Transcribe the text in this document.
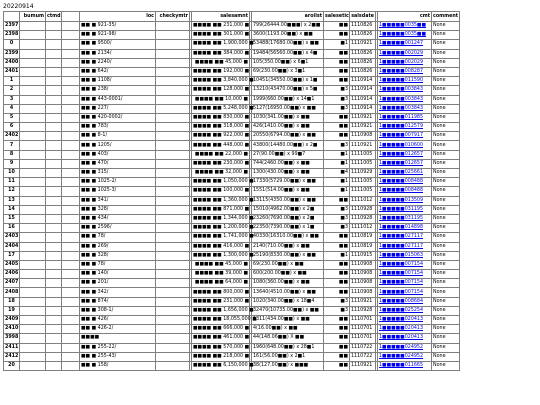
20220914
	bumum	ctmd		loc	checkymtr		salesamnt		aroilst	salesetic	salsdate		cmt	comment
2397				■■ ■ 921-35/			■■■■ ■■ 231,000 ■		799(26444.00■■■) x 2■■	■■	1110826		1■■■■■0035■■	None
2398				■■ ■ 921-98/			■■■■ ■■ 301,000 ■		3600(1193.00■■) x ■■	■■	1110826		1■■■■■0035■■	None
0				■■ ■ 9500/			■■■■ ■■ 1,900,000 ■		53488(17680.00■■) x ■■	■1	1110921		1■■■■■001247	None
2399				■■ ■ 2134/			■■■■ ■■ 384,000 ■		19484(56560.00■■) x 4■	■■	1110826		1■■■■■002029	None
2400				■■ ■ 2240/			■■■■ ■■ 45,000 ■		105(350.00■■) x 6■1	■■	1110826		1■■■■■002029	None
2401				■■ ■ 642/			■■■■ ■■ 192,000 ■		69(230.00■■) x 3■1	■■	1110826		1■■■■■008287	None
1				■■ ■ 1108/			■■■■ ■■ 3,840,000 ■		10451(34550.00■■) x 1■	■■	1110914		1■■■■■011590	None
2				■■ ■ 238/			■■■■ ■■ 128,000 ■		13210(43470.00■■) x 5■	■3	1110914		1■■■■■003843	None
3				■■ ■ 443-0001/			■■■■ ■■ 10,000 ■		1999(660.00■■) x 14■1	■3	1110914		1■■■■■003843	None
4				■■ ■ 227/			■■■■ ■■ 5,248,000 ■		5127(16950.00■■) x ■■	■3	1110914		1■■■■■003843	None
5				■■ ■ 420-0002/			■■■■ ■■ 830,000 ■		1030(341.00■■) x ■■	■■	1110921		1■■■■■011985	None
6				■■ ■ 783/			■■■■ ■■ 318,000 ■		426(1410.00■■) x ■■	■■	1110921		1■■■■■012579	None
2402				■■ ■ 8-1/			■■■■ ■■ 922,000 ■		20550(6794.00■■) x ■■	■■	1110908		1■■■■■007917	None
7				■■ ■ 1205/			■■■■ ■■ 448,000 ■		43800(14480.00■■) x 2■	■3	1110921		1■■■■■010600	None
8				■■ ■ 403/			■■■■ ■■ 22,000 ■		27(90.00■■) x 99■7	■1	1111005		1■■■■■012657	None
9				■■ ■ 470/			■■■■ ■■ 230,000 ■		744(2460.00■■) x ■■	■1	1111005		1■■■■■012657	None
10				■■ ■ 315/			■■■■ ■■ 32,000 ■		1300(430.00■■) x ■■	■4	1110929		1■■■■■025661	None
11				■■ ■ 1025-2/			■■■■ ■■ 1,050,000 ■		17330(5729.00■■) x ■■	■1	1111005		1■■■■■008488	None
12				■■ ■ 1025-3/			■■■■ ■■ 100,000 ■		1551(514.00■■) x ■■	■1	1111005		1■■■■■008488	None
13				■■ ■ 341/			■■■■ ■■ 1,360,000 ■		13115(4350.00■■) x ■■	■■	1111012		1■■■■■013509	None
14				■■ ■ 328/			■■■■ ■■ 871,000 ■		15010(4962.00■■) x 2■	■3	1110928		1■■■■■031195	None
15				■■ ■ 434/			■■■■ ■■ 1,344,000 ■		23260(7690.00■■) x 2■	■3	1110928		1■■■■■031195	None
16				■■ ■ 2596/			■■■■ ■■ 1,200,000 ■		22350(7390.00■■) x 1■	■3	1111012		1■■■■■014898	None
2403				■■ ■ 78/			■■■■ ■■ 1,741,000 ■		40330(16310.00■■) x ■■	■■	1110819		1■■■■■027117	None
2404				■■ ■ 269/			■■■■ ■■ 416,000 ■		2140(710.00■■) x ■■	■■	1110819		1■■■■■027117	None
17				■■ ■ 328/			■■■■ ■■ 1,300,000 ■		25190(8330.00■■) x ■■	■1	1110915		1■■■■■015063	None
2405				■■ ■ 78/			■■■■ ■■ 45,000 ■		69(230.00■■) x ■■	■■	1110908		1■■■■■007154	None
2406				■■ ■ 140/			■■■■ ■■ 39,000 ■		600(200.00■■) x ■■	■■	1110908		1■■■■■007154	None
2407				■■ ■ 201/			■■■■ ■■ 64,000 ■		1080(360.00■■) x ■■	■■	1110908		1■■■■■007154	None
2408				■■ ■ 342/			■■■■ ■■ 800,000 ■		13640(4510.00■■) x ■■	■■	1110908		1■■■■■007154	None
18				■■ ■ 874/			■■■■ ■■ 231,000 ■		1020(340.00■■) x 18■4	■3	1110921		1■■■■■008684	None
19				■■ ■ 308-1/			■■■■ ■■ 1,656,000 ■		32470(10735.00■■) x ■■	■3	1110928		1■■■■■025254	None
2409				■■ ■ 426/			■■■■ ■■ 18,055,000 ■		1311(434.00■■) x ■■	■■	1110701		1■■■■■020413	None
2410				■■ ■ 426-2/			■■■■ ■■ 666,000 ■		4(16.00■■) x ■■	■■	1110701		1■■■■■020413	None
3998				■■■■			■■■■ ■■ 461,000 ■		44(148.06■■) X ■■	■■	1110701		1■■■■■020413	None
2411				■■ ■ 255-22/			■■■■ ■■ 570,000 ■		1960(648.00■■) x 28■1	■■	1110722		1■■■■■024952	None
2412				■■ ■ 255-43/			■■■■ ■■ 218,000 ■		161(56.00■■) x 2■1	■■	1110722		1■■■■■024952	None
20				■■ ■ 158/			■■■■ ■■ 6,150,000 ■		38(127.00■■) x ■■■	■■	1110921		1■■■■■011665	None
